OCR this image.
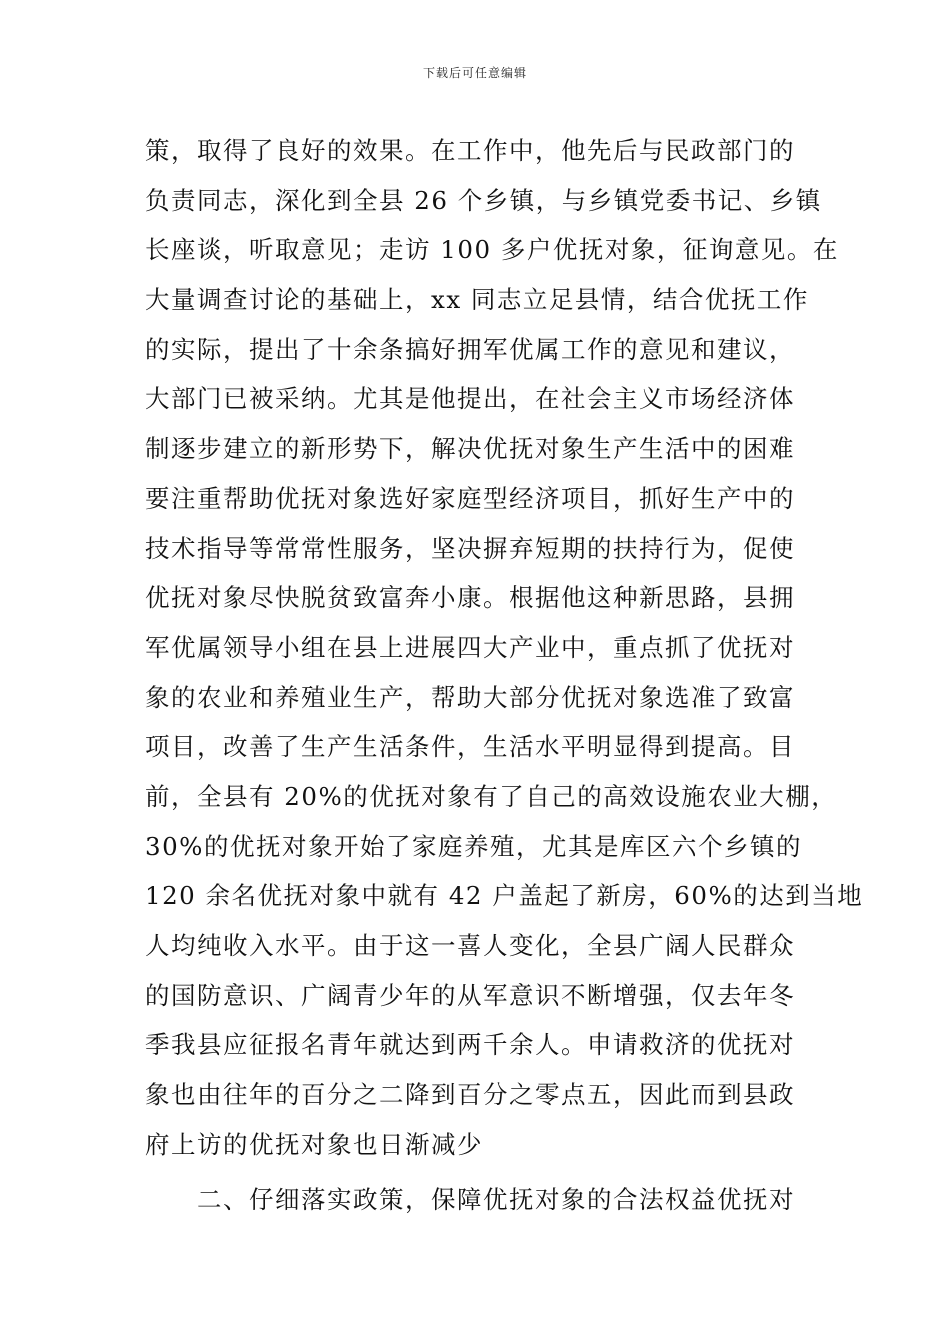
下载后可任意编辑
策，取得了良好的效果。在工作中，他先后与民政部门的
负责同志，深化到全县 26 个乡镇，与乡镇党委书记、乡镇
长座谈，听取意见；走访 100 多户优抚对象，征询意见。在
大量调查讨论的基础上，xx 同志立足县情，结合优抚工作
的实际，提出了十余条搞好拥军优属工作的意见和建议，
大部门已被采纳。尤其是他提出，在社会主义市场经济体
制逐步建立的新形势下，解决优抚对象生产生活中的困难
要注重帮助优抚对象选好家庭型经济项目，抓好生产中的
技术指导等常常性服务，坚决摒弃短期的扶持行为，促使
优抚对象尽快脱贫致富奔小康。根据他这种新思路，县拥
军优属领导小组在县上进展四大产业中，重点抓了优抚对
象的农业和养殖业生产，帮助大部分优抚对象选准了致富
项目，改善了生产生活条件，生活水平明显得到提高。目
前，全县有 20%的优抚对象有了自己的高效设施农业大棚，
30%的优抚对象开始了家庭养殖，尤其是库区六个乡镇的
120 余名优抚对象中就有 42 户盖起了新房，60%的达到当地
人均纯收入水平。由于这一喜人变化，全县广阔人民群众
的国防意识、广阔青少年的从军意识不断增强，仅去年冬
季我县应征报名青年就达到两千余人。申请救济的优抚对
象也由往年的百分之二降到百分之零点五，因此而到县政
府上访的优抚对象也日渐减少
二、仔细落实政策，保障优抚对象的合法权益优抚对
